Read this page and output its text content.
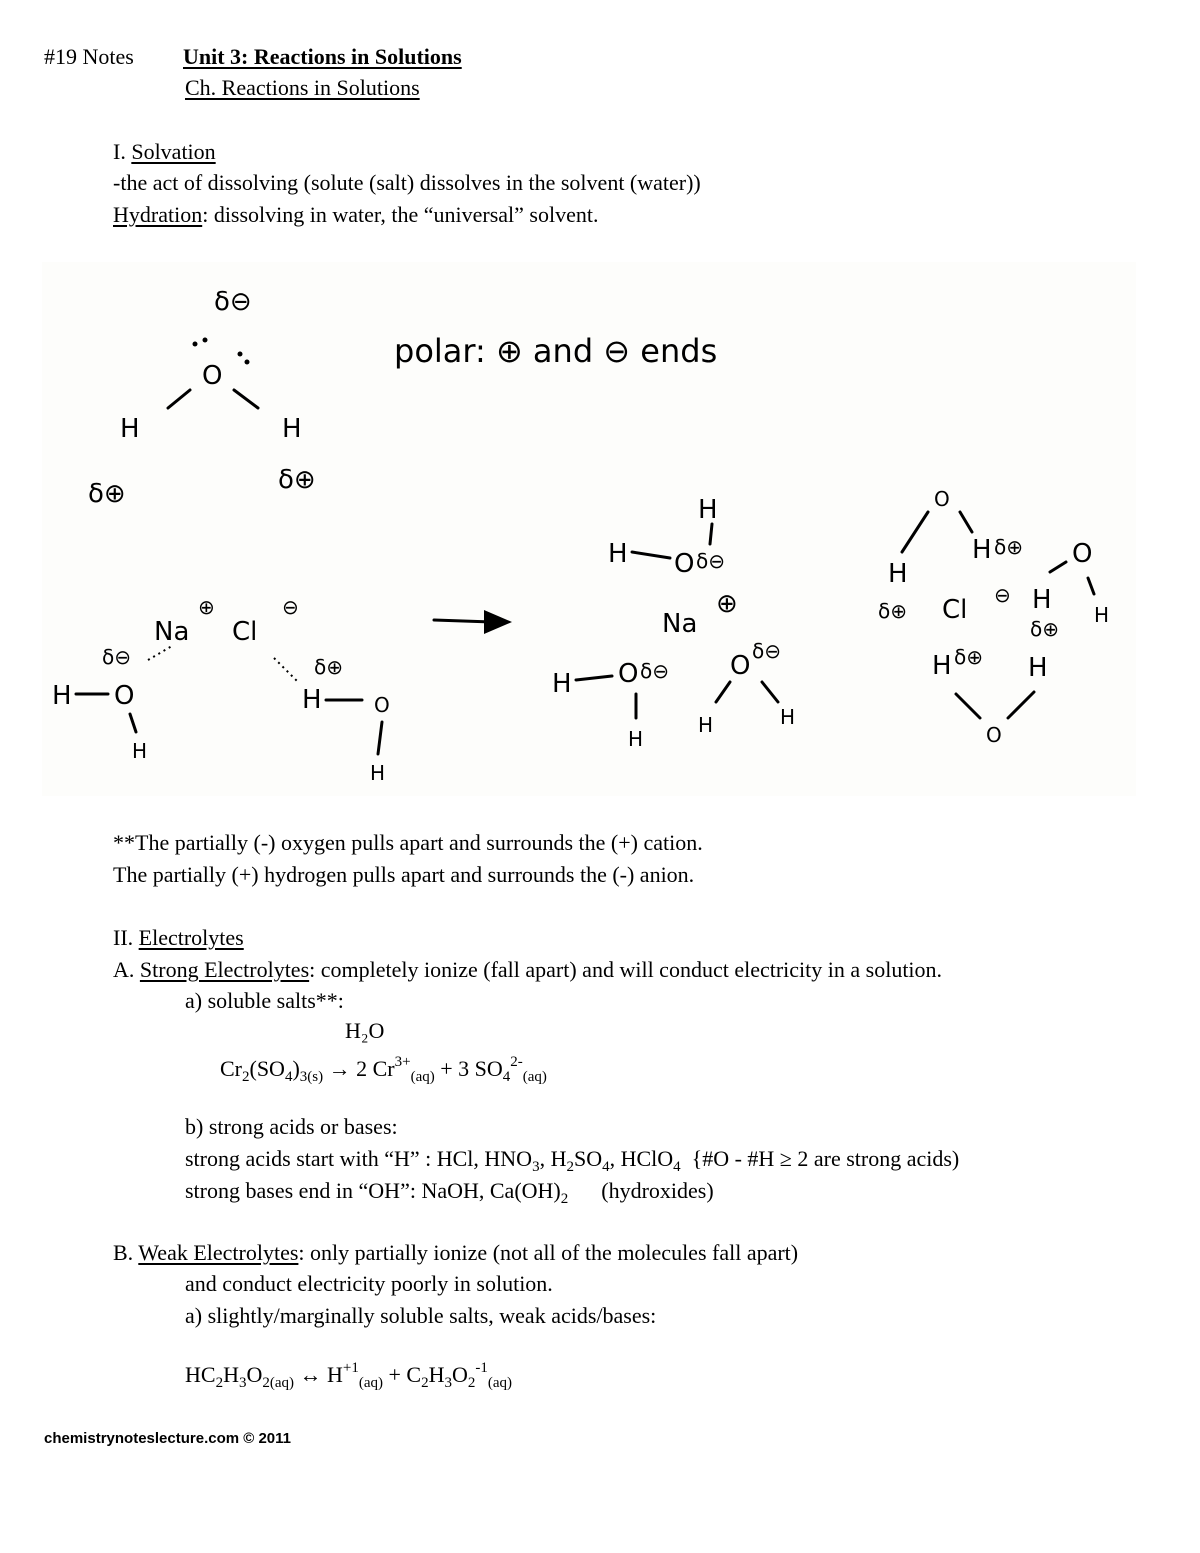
#19 Notes Unit 3: Reactions in Solutions
Ch. Reactions in Solutions
I. Solvation
-the act of dissolving (solute (salt) dissolves in the solvent (water))
Hydration: dissolving in water, the “universal” solvent.
δ⊖
O
H	H
δ⊕	δ⊕
polar: ⊕ and ⊖ ends
δ⊖
Na
⊕
Cl
⊖
H O
H
δ⊕
H	O
H
H
H O δ⊖
Na
⊕
H O δ⊖
H
O δ⊖
H	H
O
H
δ⊕
H δ⊕ O
H
Cl ⊖ H
δ⊕
H δ⊕ H
O
**The partially (-) oxygen pulls apart and surrounds the (+) cation.
The partially (+) hydrogen pulls apart and surrounds the (-) anion.
II. Electrolytes
A. Strong Electrolytes: completely ionize (fall apart) and will conduct electricity in a solution.
a) soluble salts**:
H₂O
$Cr_2(SO_4)_{3(s)} \to 2$ $Cr^{3+}_{(aq)} + 3$ $SO_4^{2-}_{(aq)}$
b) strong acids or bases:
strong acids start with “H” : HCl, $HNO_3$, $H_2SO_4$, HClO$_4$ {#O - #H ≥ 2 are strong acids)
strong bases end in “OH”: NaOH, $Ca(OH)_2$ (hydroxides)
B. Weak Electrolytes: only partially ionize (not all of the molecules fall apart)
and conduct electricity poorly in solution.
a) slightly/marginally soluble salts, weak acids/bases:
$HC_2H_3O_{2(aq)}$ ↔ $H^{+1}_{(aq)} + C_2H_3O_2^{-1}_{(aq)}$
chemistrynoteslecture.com © 2011
